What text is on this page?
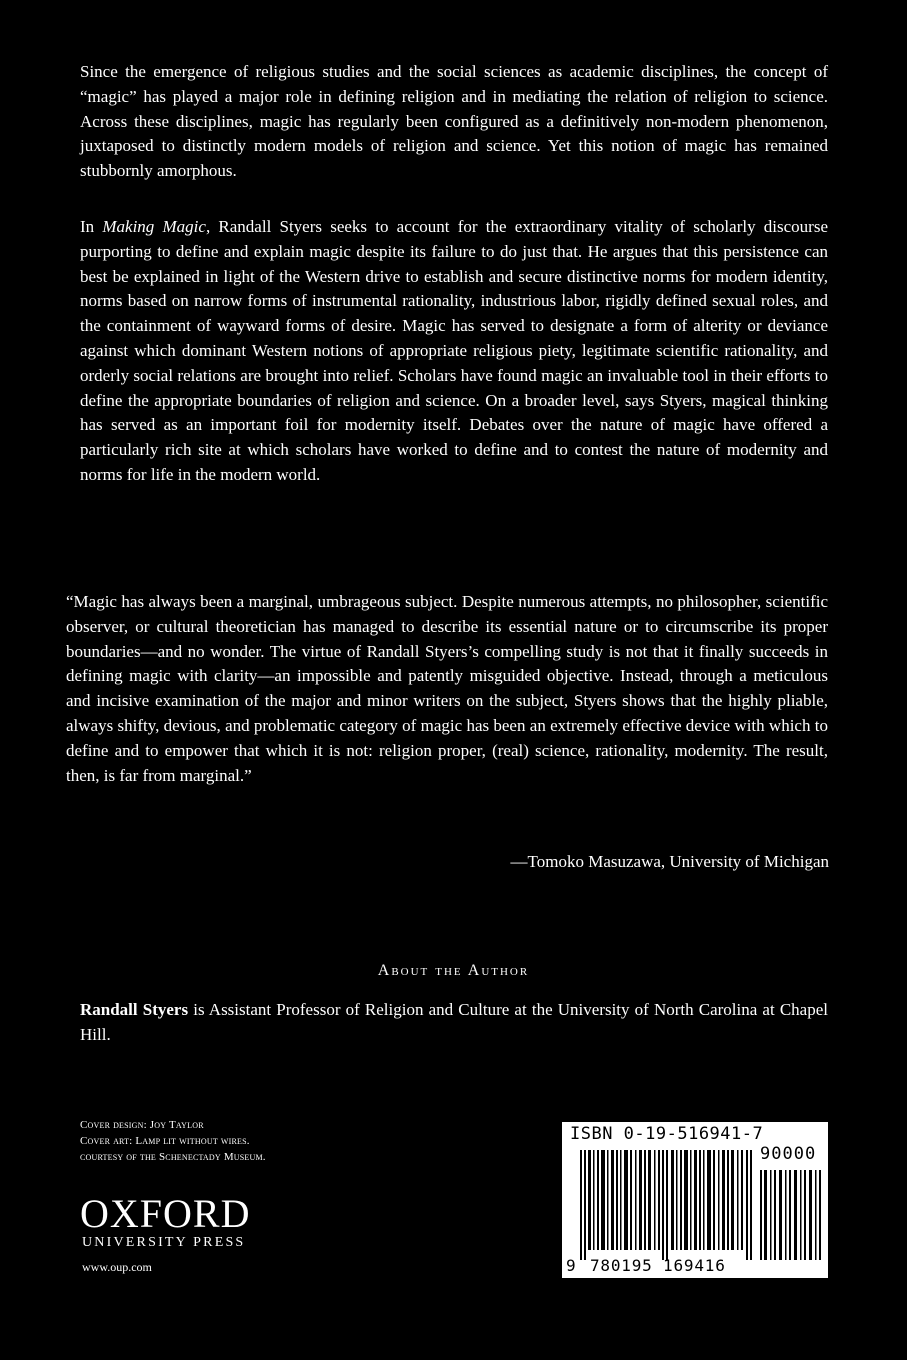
Since the emergence of religious studies and the social sciences as academic disciplines, the concept of “magic” has played a major role in defining religion and in mediating the relation of religion to science. Across these disciplines, magic has regularly been configured as a definitively non-modern phenomenon, juxtaposed to distinctly modern models of religion and science. Yet this notion of magic has remained stubbornly amorphous.

In Making Magic, Randall Styers seeks to account for the extraordinary vitality of scholarly discourse purporting to define and explain magic despite its failure to do just that. He argues that this persistence can best be explained in light of the Western drive to establish and secure distinctive norms for modern identity, norms based on narrow forms of instrumental rationality, industrious labor, rigidly defined sexual roles, and the containment of wayward forms of desire. Magic has served to designate a form of alterity or deviance against which dominant Western notions of appropriate religious piety, legitimate scientific rationality, and orderly social relations are brought into relief. Scholars have found magic an invaluable tool in their efforts to define the appropriate boundaries of religion and science. On a broader level, says Styers, magical thinking has served as an important foil for modernity itself. Debates over the nature of magic have offered a particularly rich site at which scholars have worked to define and to contest the nature of modernity and norms for life in the modern world.

“Magic has always been a marginal, umbrageous subject. Despite numerous attempts, no philosopher, scientific observer, or cultural theoretician has managed to describe its essential nature or to circumscribe its proper boundaries—and no wonder. The virtue of Randall Styers’s compelling study is not that it finally succeeds in defining magic with clarity—an impossible and patently misguided objective. Instead, through a meticulous and incisive examination of the major and minor writers on the subject, Styers shows that the highly pliable, always shifty, devious, and problematic category of magic has been an extremely effective device with which to define and to empower that which it is not: religion proper, (real) science, rationality, modernity. The result, then, is far from marginal.”

—Tomoko Masuzawa, University of Michigan

About the Author

Randall Styers is Assistant Professor of Religion and Culture at the University of North Carolina at Chapel Hill.

Cover design: Joy Taylor
Cover art: Lamp lit without wires.
courtesy of the Schenectady Museum.
OXFORD
UNIVERSITY PRESS
www.oup.com
ISBN 0-19-516941-7
90000
9 780195 169416
